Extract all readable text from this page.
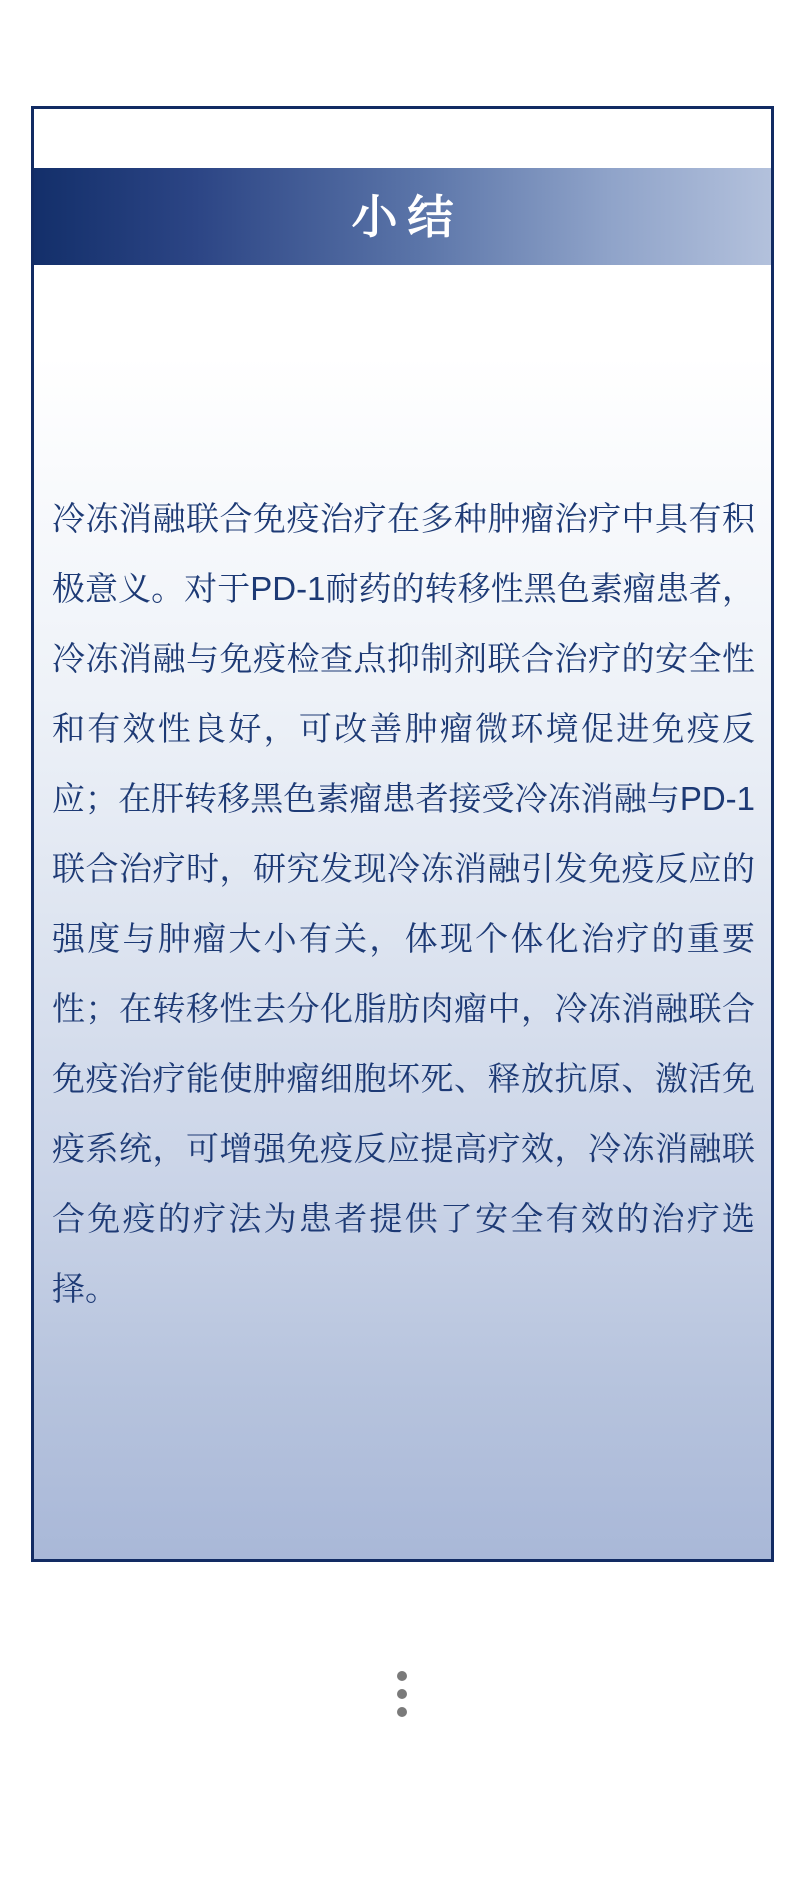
小结
冷冻消融联合免疫治疗在多种肿瘤治疗中具有积
极意义。对于PD-1耐药的转移性黑色素瘤患者，
冷冻消融与免疫检查点抑制剂联合治疗的安全性
和有效性良好，可改善肿瘤微环境促进免疫反
应；在肝转移黑色素瘤患者接受冷冻消融与PD-1
联合治疗时，研究发现冷冻消融引发免疫反应的
强度与肿瘤大小有关，体现个体化治疗的重要
性；在转移性去分化脂肪肉瘤中，冷冻消融联合
免疫治疗能使肿瘤细胞坏死、释放抗原、激活免
疫系统，可增强免疫反应提高疗效，冷冻消融联
合免疫的疗法为患者提供了安全有效的治疗选
择。
